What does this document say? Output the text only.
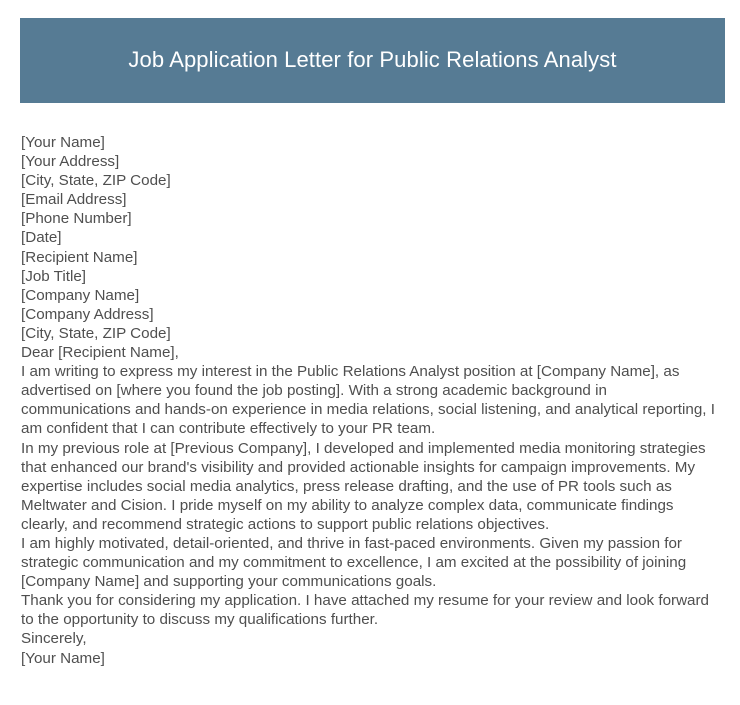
Job Application Letter for Public Relations Analyst
[Your Name]
[Your Address]
[City, State, ZIP Code]
[Email Address]
[Phone Number]
[Date]
[Recipient Name]
[Job Title]
[Company Name]
[Company Address]
[City, State, ZIP Code]
Dear [Recipient Name],
I am writing to express my interest in the Public Relations Analyst position at [Company Name], as advertised on [where you found the job posting]. With a strong academic background in communications and hands-on experience in media relations, social listening, and analytical reporting, I am confident that I can contribute effectively to your PR team.
In my previous role at [Previous Company], I developed and implemented media monitoring strategies that enhanced our brand's visibility and provided actionable insights for campaign improvements. My expertise includes social media analytics, press release drafting, and the use of PR tools such as Meltwater and Cision. I pride myself on my ability to analyze complex data, communicate findings clearly, and recommend strategic actions to support public relations objectives.
I am highly motivated, detail-oriented, and thrive in fast-paced environments. Given my passion for strategic communication and my commitment to excellence, I am excited at the possibility of joining [Company Name] and supporting your communications goals.
Thank you for considering my application. I have attached my resume for your review and look forward to the opportunity to discuss my qualifications further.
Sincerely,
[Your Name]
